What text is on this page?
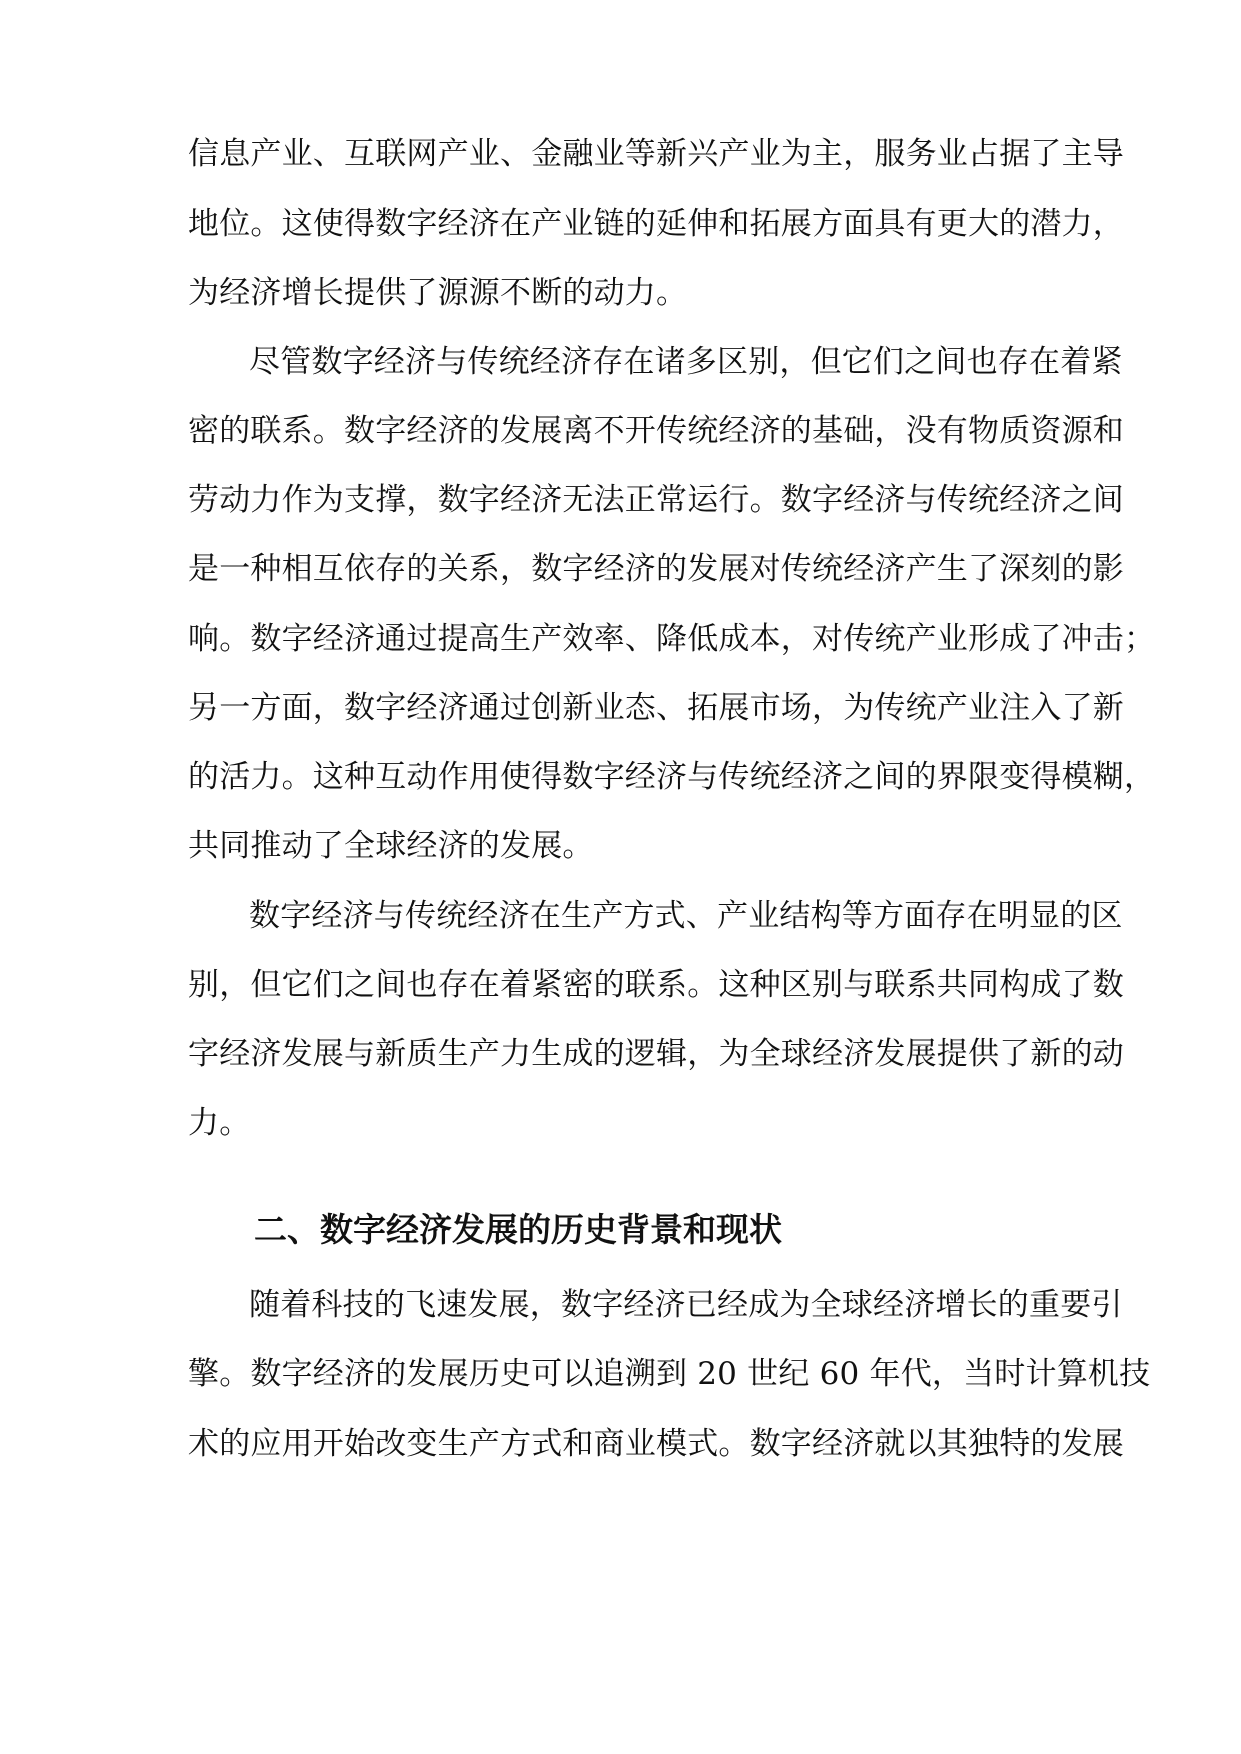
信息产业、互联网产业、金融业等新兴产业为主，服务业占据了主导
地位。这使得数字经济在产业链的延伸和拓展方面具有更大的潜力，
为经济增长提供了源源不断的动力。
尽管数字经济与传统经济存在诸多区别，但它们之间也存在着紧
密的联系。数字经济的发展离不开传统经济的基础，没有物质资源和
劳动力作为支撑，数字经济无法正常运行。数字经济与传统经济之间
是一种相互依存的关系，数字经济的发展对传统经济产生了深刻的影
响。数字经济通过提高生产效率、降低成本，对传统产业形成了冲击；
另一方面，数字经济通过创新业态、拓展市场，为传统产业注入了新
的活力。这种互动作用使得数字经济与传统经济之间的界限变得模糊，
共同推动了全球经济的发展。
数字经济与传统经济在生产方式、产业结构等方面存在明显的区
别，但它们之间也存在着紧密的联系。这种区别与联系共同构成了数
字经济发展与新质生产力生成的逻辑，为全球经济发展提供了新的动
力。
二、数字经济发展的历史背景和现状
随着科技的飞速发展，数字经济已经成为全球经济增长的重要引
擎。数字经济的发展历史可以追溯到 20 世纪 60 年代，当时计算机技
术的应用开始改变生产方式和商业模式。数字经济就以其独特的发展
